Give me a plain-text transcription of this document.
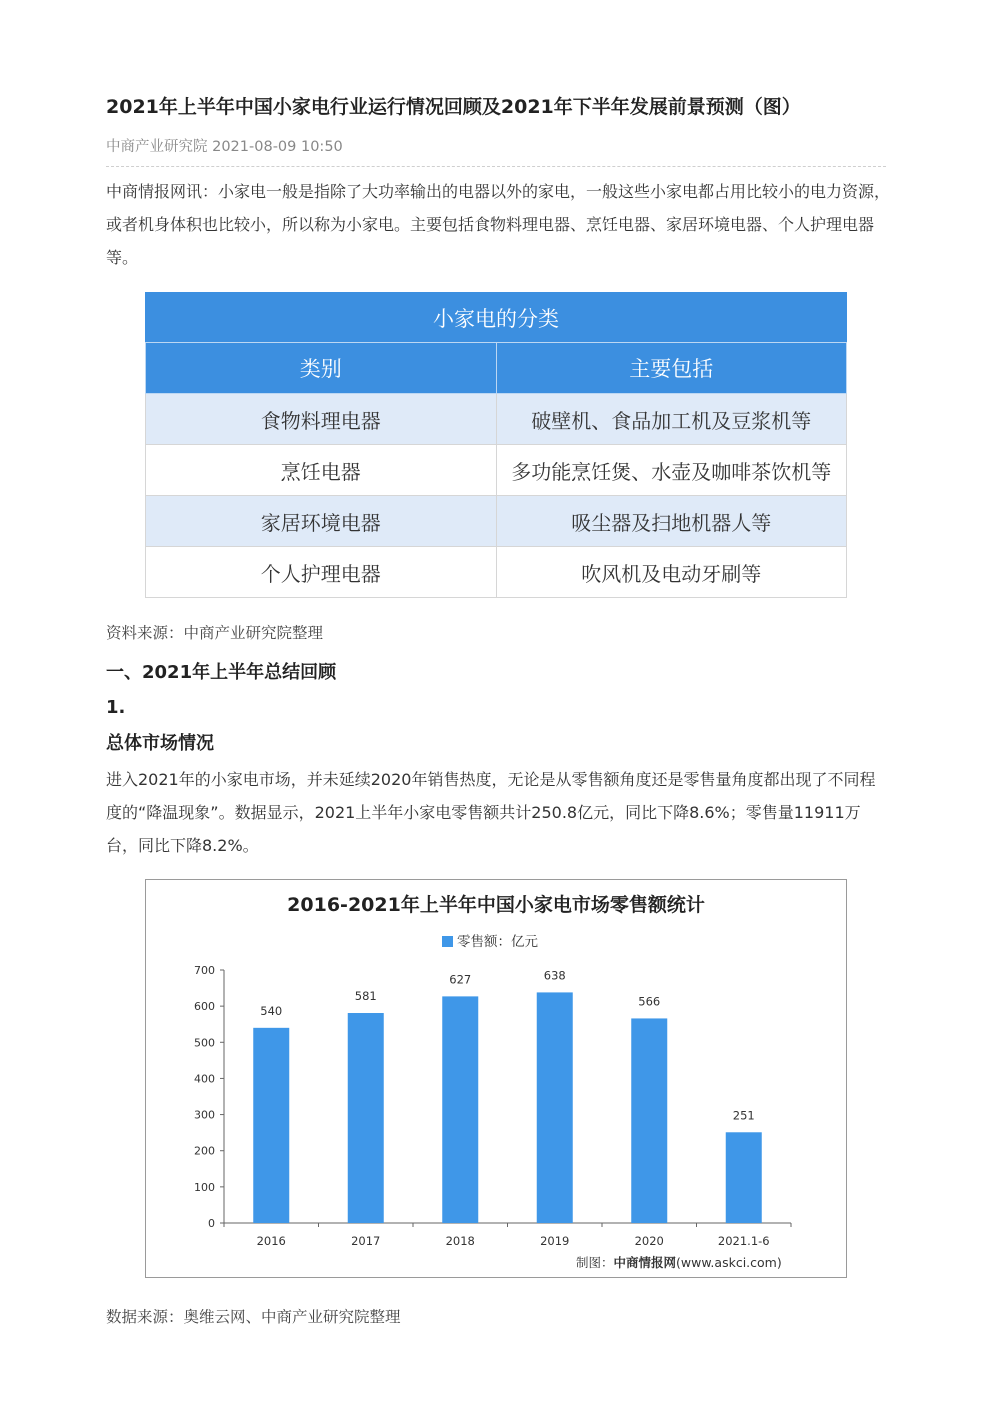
2021年上半年中国小家电行业运行情况回顾及2021年下半年发展前景预测（图）
中商产业研究院 2021-08-09 10:50
中商情报网讯：小家电一般是指除了大功率输出的电器以外的家电，一般这些小家电都占用比较小的电力资源，或者机身体积也比较小，所以称为小家电。主要包括食物料理电器、烹饪电器、家居环境电器、个人护理电器等。
小家电的分类	
类别	主要包括
食物料理电器	破壁机、食品加工机及豆浆机等
烹饪电器	多功能烹饪煲、水壶及咖啡茶饮机等
家居环境电器	吸尘器及扫地机器人等
个人护理电器	吹风机及电动牙刷等
资料来源：中商产业研究院整理
一、2021年上半年总结回顾
1.
总体市场情况
进入2021年的小家电市场，并未延续2020年销售热度，无论是从零售额角度还是零售量角度都出现了不同程度的“降温现象”。数据显示，2021上半年小家电零售额共计250.8亿元，同比下降8.6%；零售量11911万台，同比下降8.2%。
2016-2021年上半年中国小家电市场零售额统计
零售额：亿元
0
100
200
300
400
500
600
700
540
2016
581
2017
627
2018
638
2019
566
2020
251
2021.1-6
制图：中商情报网(www.askci.com)
数据来源：奥维云网、中商产业研究院整理
